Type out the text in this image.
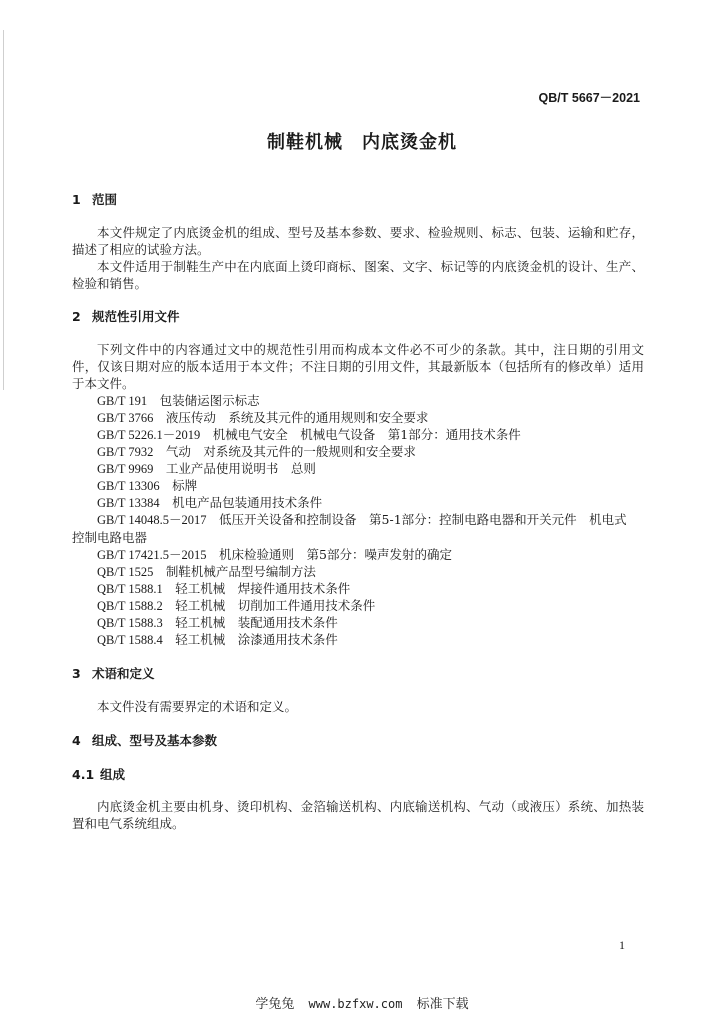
QB/T 5667－2021
制鞋机械　内底烫金机
1 范围

本文件规定了内底烫金机的组成、型号及基本参数、要求、检验规则、标志、包装、运输和贮存，描述了相应的试验方法。

本文件适用于制鞋生产中在内底面上烫印商标、图案、文字、标记等的内底烫金机的设计、生产、检验和销售。

2 规范性引用文件

下列文件中的内容通过文中的规范性引用而构成本文件必不可少的条款。其中，注日期的引用文件，仅该日期对应的版本适用于本文件；不注日期的引用文件，其最新版本（包括所有的修改单）适用于本文件。

GB/T 191　 包装储运图示标志
GB/T 3766　 液压传动　系统及其元件的通用规则和安全要求
GB/T 5226.1－2019　 机械电气安全　机械电气设备　第1部分：通用技术条件
GB/T 7932　 气动　对系统及其元件的一般规则和安全要求
GB/T 9969　 工业产品使用说明书　总则
GB/T 13306　 标牌
GB/T 13384　 机电产品包装通用技术条件
GB/T 14048.5－2017　 低压开关设备和控制设备　第5-1部分：控制电路电器和开关元件　机电式
控制电路电器
GB/T 17421.5－2015　 机床检验通则　第5部分：噪声发射的确定
QB/T 1525　 制鞋机械产品型号编制方法
QB/T 1588.1　 轻工机械　焊接件通用技术条件
QB/T 1588.2　 轻工机械　切削加工件通用技术条件
QB/T 1588.3　 轻工机械　装配通用技术条件
QB/T 1588.4　 轻工机械　涂漆通用技术条件
3 术语和定义

本文件没有需要界定的术语和定义。

4 组成、型号及基本参数
4.1 组成

内底烫金机主要由机身、烫印机构、金箔输送机构、内底输送机构、气动（或液压）系统、加热装置和电气系统组成。

1
学兔兔 www.bzfxw.com 标准下载
